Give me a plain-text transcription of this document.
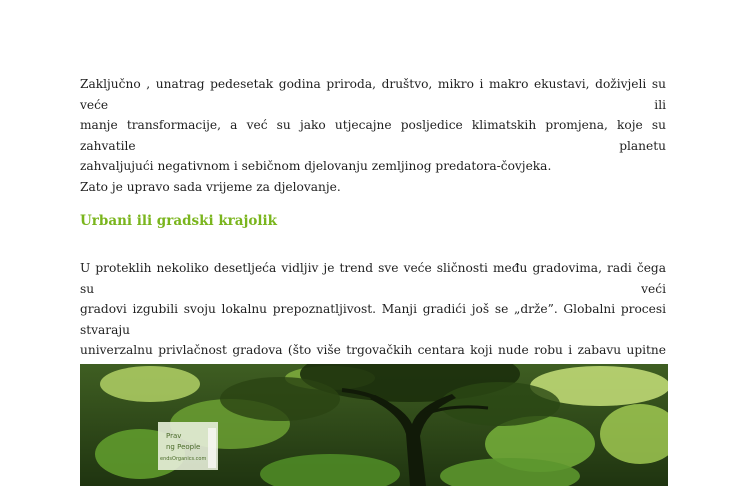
Zaključno , unatrag pedesetak godina priroda, društvo, mikro i makro ekustavi, doživjeli su veće ili
manje transformacije, a već su jako utjecajne posljedice klimatskih promjena, koje su zahvatile planetu
zahvaljujući negativnom i sebičnom djelovanju zemljinog predatora-čovjeka.
Zato je upravo sada vrijeme za djelovanje.
Urbani ili gradski krajolik
U proteklih nekoliko desetljeća vidljiv je trend sve veće sličnosti među gradovima, radi čega su veći
gradovi izgubili svoju lokalnu prepoznatljivost. Manji gradići još se „drže”. Globalni procesi stvaraju
univerzalnu privlačnost gradova (što više trgovačkih centara koji nude robu i zabavu upitne
Prav
ng People
endsOrganics.com
